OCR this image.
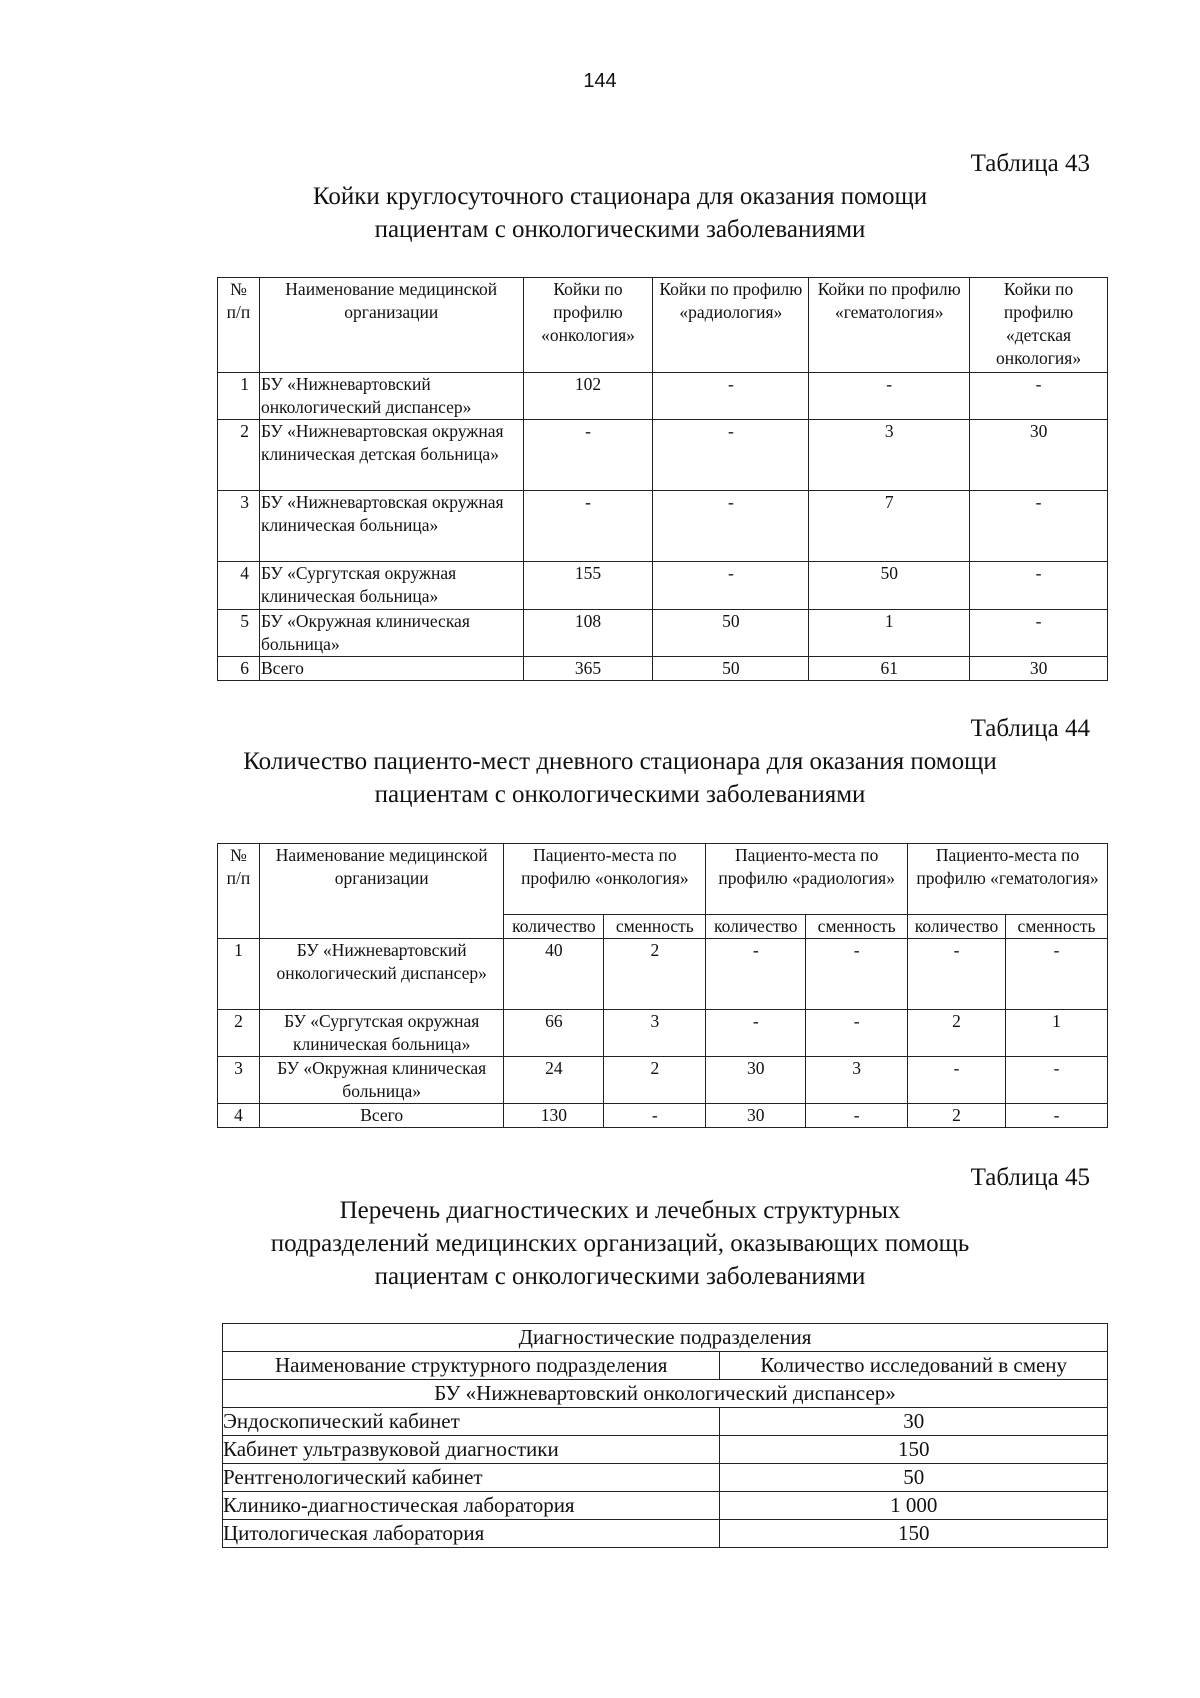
144
Таблица 43
Койки круглосуточного стационара для оказания помощи
пациентам с онкологическими заболеваниями
№ п/п	Наименование медицинской организации	Койки по профилю «онкология»	Койки по профилю «радиология»	Койки по профилю «гематология»	Койки по профилю «детская онкология»
1	БУ «Нижневартовский онкологический диспансер»	102	-	-	-
2	БУ «Нижневартовская окружная клиническая детская больница»	-	-	3	30
3	БУ «Нижневартовская окружная клиническая больница»	-	-	7	-
4	БУ «Сургутская окружная клиническая больница»	155	-	50	-
5	БУ «Окружная клиническая больница»	108	50	1	-
6	Всего	365	50	61	30
Таблица 44
Количество пациенто-мест дневного стационара для оказания помощи
пациентам с онкологическими заболеваниями
№ п/п	Наименование медицинской организации	Пациенто-места по профилю «онкология»		Пациенто-места по профилю «радиология»		Пациенто-места по профилю «гематология»	
		количество	сменность	количество	сменность	количество	сменность
1	БУ «Нижневартовский онкологический диспансер»	40	2	-	-	-	-
2	БУ «Сургутская окружная клиническая больница»	66	3	-	-	2	1
3	БУ «Окружная клиническая больница»	24	2	30	3	-	-
4	Всего	130	-	30	-	2	-
Таблица 45
Перечень диагностических и лечебных структурных
подразделений медицинских организаций, оказывающих помощь
пациентам с онкологическими заболеваниями
Диагностические подразделения	
Наименование структурного подразделения	Количество исследований в смену
БУ «Нижневартовский онкологический диспансер»	
Эндоскопический кабинет	30
Кабинет ультразвуковой диагностики	150
Рентгенологический кабинет	50
Клинико-диагностическая лаборатория	1 000
Цитологическая лаборатория	150
